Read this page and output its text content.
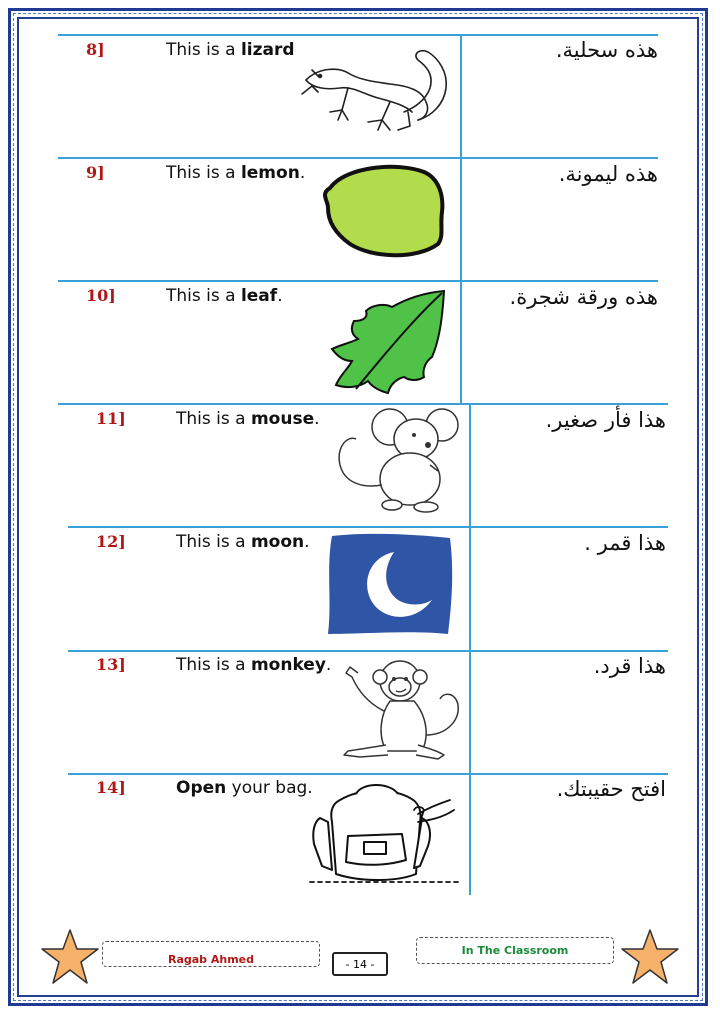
8]	This is a lizard	هذه سحلية.
9]	This is a lemon.	هذه ليمونة.
10]	This is a leaf.	هذه ورقة شجرة.
11]	This is a mouse.	هذا فأر صغير.
12]	This is a moon.	هذا قمر .
13]	This is a monkey.	هذا قرد.
14]	Open your bag.	افتح حقيبتك.
Ragab Ahmed	- 14 -
In The Classroom
